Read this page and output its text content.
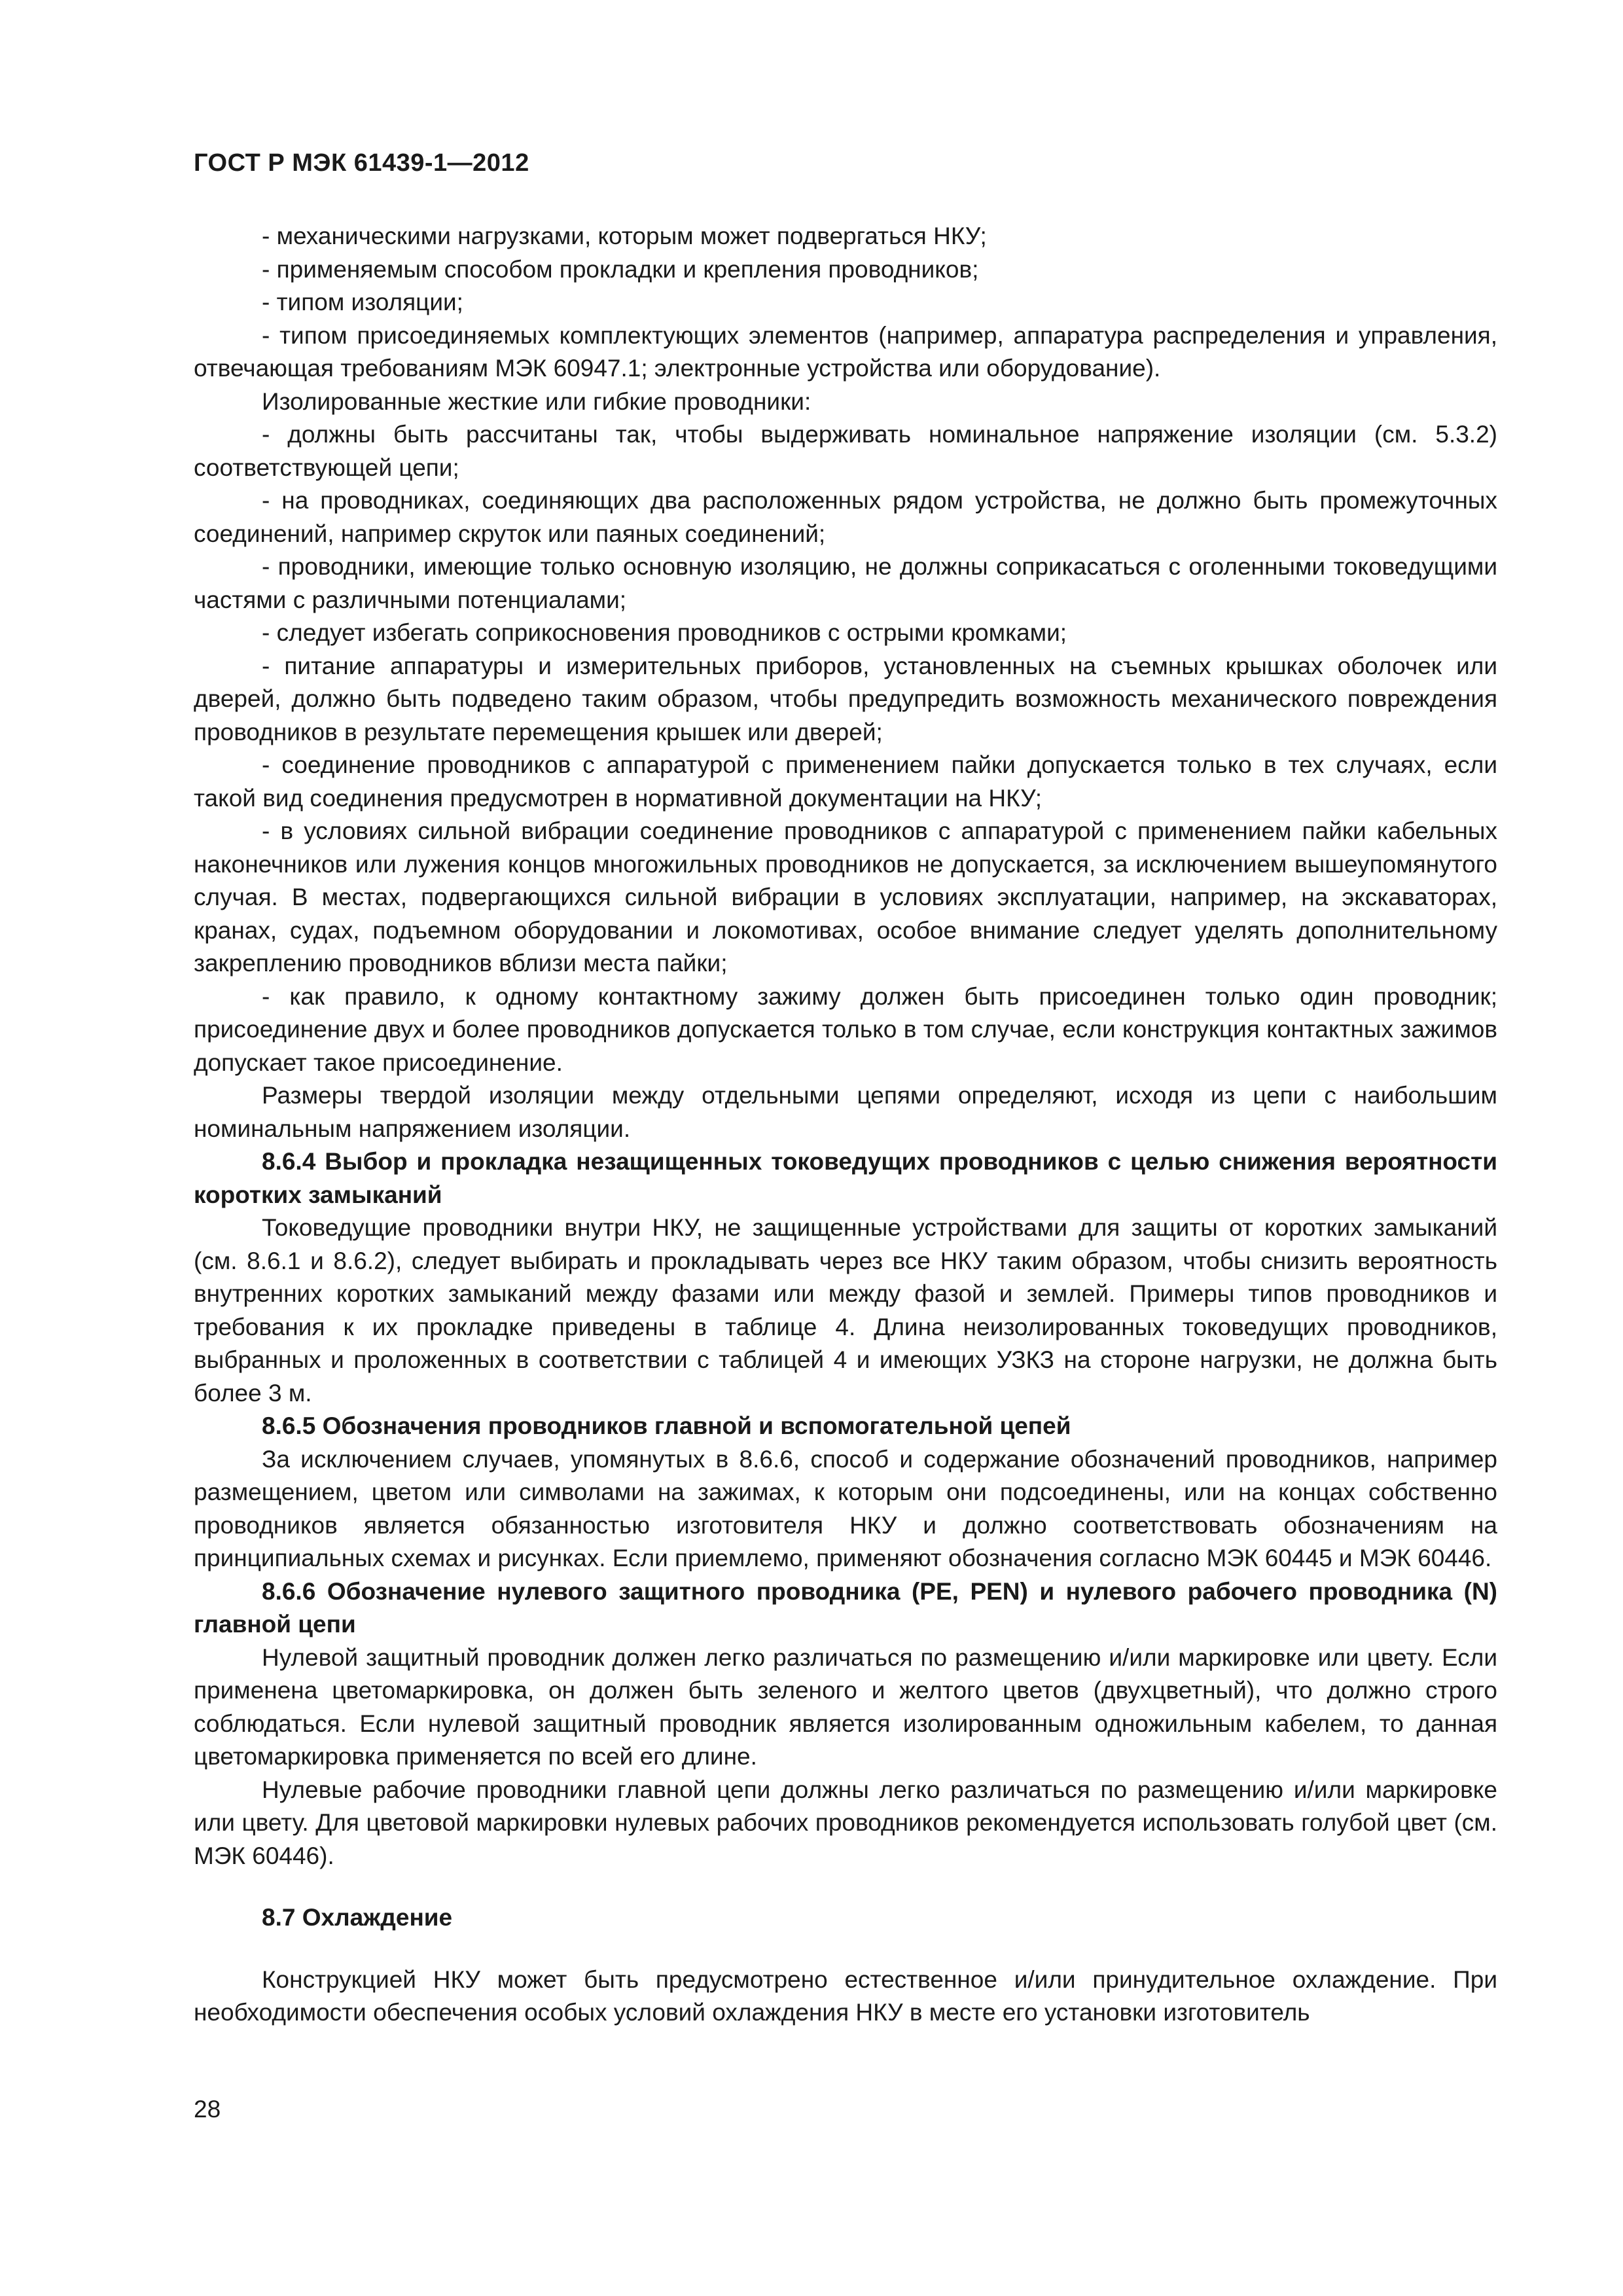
ГОСТ Р МЭК 61439-1—2012

- механическими нагрузками, которым может подвергаться НКУ;

- применяемым способом прокладки и крепления проводников;

- типом изоляции;

- типом присоединяемых комплектующих элементов (например, аппаратура распределения и управления, отвечающая требованиям МЭК 60947.1; электронные устройства или оборудование).

Изолированные жесткие или гибкие проводники:

- должны быть рассчитаны так, чтобы выдерживать номинальное напряжение изоляции (см. 5.3.2) соответствующей цепи;

- на проводниках, соединяющих два расположенных рядом устройства, не должно быть промежуточных соединений, например скруток или паяных соединений;

- проводники, имеющие только основную изоляцию, не должны соприкасаться с оголенными токоведущими частями с различными потенциалами;

- следует избегать соприкосновения проводников с острыми кромками;

- питание аппаратуры и измерительных приборов, установленных на съемных крышках оболочек или дверей, должно быть подведено таким образом, чтобы предупредить возможность механического повреждения проводников в результате перемещения крышек или дверей;

- соединение проводников с аппаратурой с применением пайки допускается только в тех случаях, если такой вид соединения предусмотрен в нормативной документации на НКУ;

- в условиях сильной вибрации соединение проводников с аппаратурой с применением пайки кабельных наконечников или лужения концов многожильных проводников не допускается, за исключением вышеупомянутого случая. В местах, подвергающихся сильной вибрации в условиях эксплуатации, например, на экскаваторах, кранах, судах, подъемном оборудовании и локомотивах, особое внимание следует уделять дополнительному закреплению проводников вблизи места пайки;

- как правило, к одному контактному зажиму должен быть присоединен только один проводник; присоединение двух и более проводников допускается только в том случае, если конструкция контактных зажимов допускает такое присоединение.

Размеры твердой изоляции между отдельными цепями определяют, исходя из цепи с наибольшим номинальным напряжением изоляции.

8.6.4 Выбор и прокладка незащищенных токоведущих проводников с целью снижения вероятности коротких замыканий

Токоведущие проводники внутри НКУ, не защищенные устройствами для защиты от коротких замыканий (см. 8.6.1 и 8.6.2), следует выбирать и прокладывать через все НКУ таким образом, чтобы снизить вероятность внутренних коротких замыканий между фазами или между фазой и землей. Примеры типов проводников и требования к их прокладке приведены в таблице 4. Длина неизолированных токоведущих проводников, выбранных и проложенных в соответствии с таблицей 4 и имеющих УЗКЗ на стороне нагрузки, не должна быть более 3 м.

8.6.5 Обозначения проводников главной и вспомогательной цепей

За исключением случаев, упомянутых в 8.6.6, способ и содержание обозначений проводников, например размещением, цветом или символами на зажимах, к которым они подсоединены, или на концах собственно проводников является обязанностью изготовителя НКУ и должно соответствовать обозначениям на принципиальных схемах и рисунках. Если приемлемо, применяют обозначения согласно МЭК 60445 и МЭК 60446.

8.6.6 Обозначение нулевого защитного проводника (PE, PEN) и нулевого рабочего проводника (N) главной цепи

Нулевой защитный проводник должен легко различаться по размещению и/или маркировке или цвету. Если применена цветомаркировка, он должен быть зеленого и желтого цветов (двухцветный), что должно строго соблюдаться. Если нулевой защитный проводник является изолированным одножильным кабелем, то данная цветомаркировка применяется по всей его длине.

Нулевые рабочие проводники главной цепи должны легко различаться по размещению и/или маркировке или цвету. Для цветовой маркировки нулевых рабочих проводников рекомендуется использовать голубой цвет (см. МЭК 60446).

8.7 Охлаждение

Конструкцией НКУ может быть предусмотрено естественное и/или принудительное охлаждение. При необходимости обеспечения особых условий охлаждения НКУ в месте его установки изготовитель

28
